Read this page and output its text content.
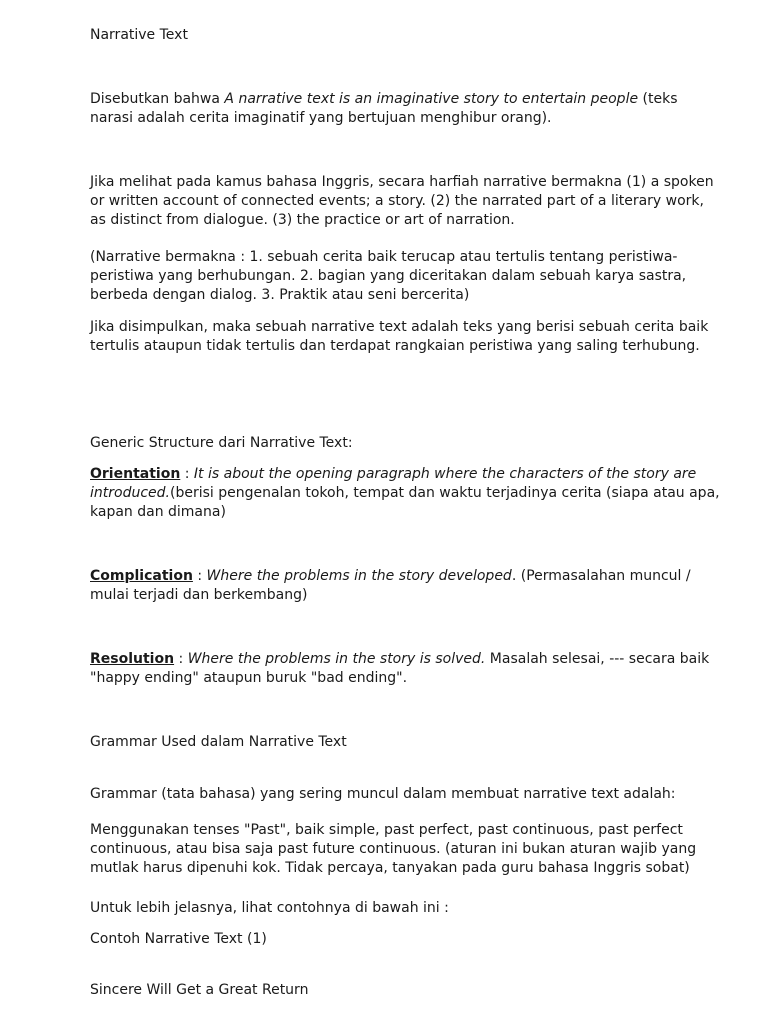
Narrative Text

Disebutkan bahwa A narrative text is an imaginative story to entertain people (teks narasi adalah cerita imaginatif yang bertujuan menghibur orang).

Jika melihat pada kamus bahasa Inggris, secara harfiah narrative bermakna (1) a spoken or written account of connected events; a story. (2) the narrated part of a literary work, as distinct from dialogue. (3) the practice or art of narration.

(Narrative bermakna : 1. sebuah cerita baik terucap atau tertulis tentang peristiwa-peristiwa yang berhubungan. 2. bagian yang diceritakan dalam sebuah karya sastra, berbeda dengan dialog. 3. Praktik atau seni bercerita)

Jika disimpulkan, maka sebuah narrative text adalah teks yang berisi sebuah cerita baik tertulis ataupun tidak tertulis dan terdapat rangkaian peristiwa yang saling terhubung.

Generic Structure dari Narrative Text:

Orientation : It is about the opening paragraph where the characters of the story are introduced.(berisi pengenalan tokoh, tempat dan waktu terjadinya cerita (siapa atau apa, kapan dan dimana)

Complication : Where the problems in the story developed. (Permasalahan muncul / mulai terjadi dan berkembang)

Resolution : Where the problems in the story is solved. Masalah selesai, --- secara baik "happy ending" ataupun buruk "bad ending".

Grammar Used dalam Narrative Text

Grammar (tata bahasa) yang sering muncul dalam membuat narrative text adalah:

Menggunakan tenses "Past", baik simple, past perfect, past continuous, past perfect continuous, atau bisa saja past future continuous. (aturan ini bukan aturan wajib yang mutlak harus dipenuhi kok. Tidak percaya, tanyakan pada guru bahasa Inggris sobat)

Untuk lebih jelasnya, lihat contohnya di bawah ini :

Contoh Narrative Text (1)

Sincere Will Get a Great Return
